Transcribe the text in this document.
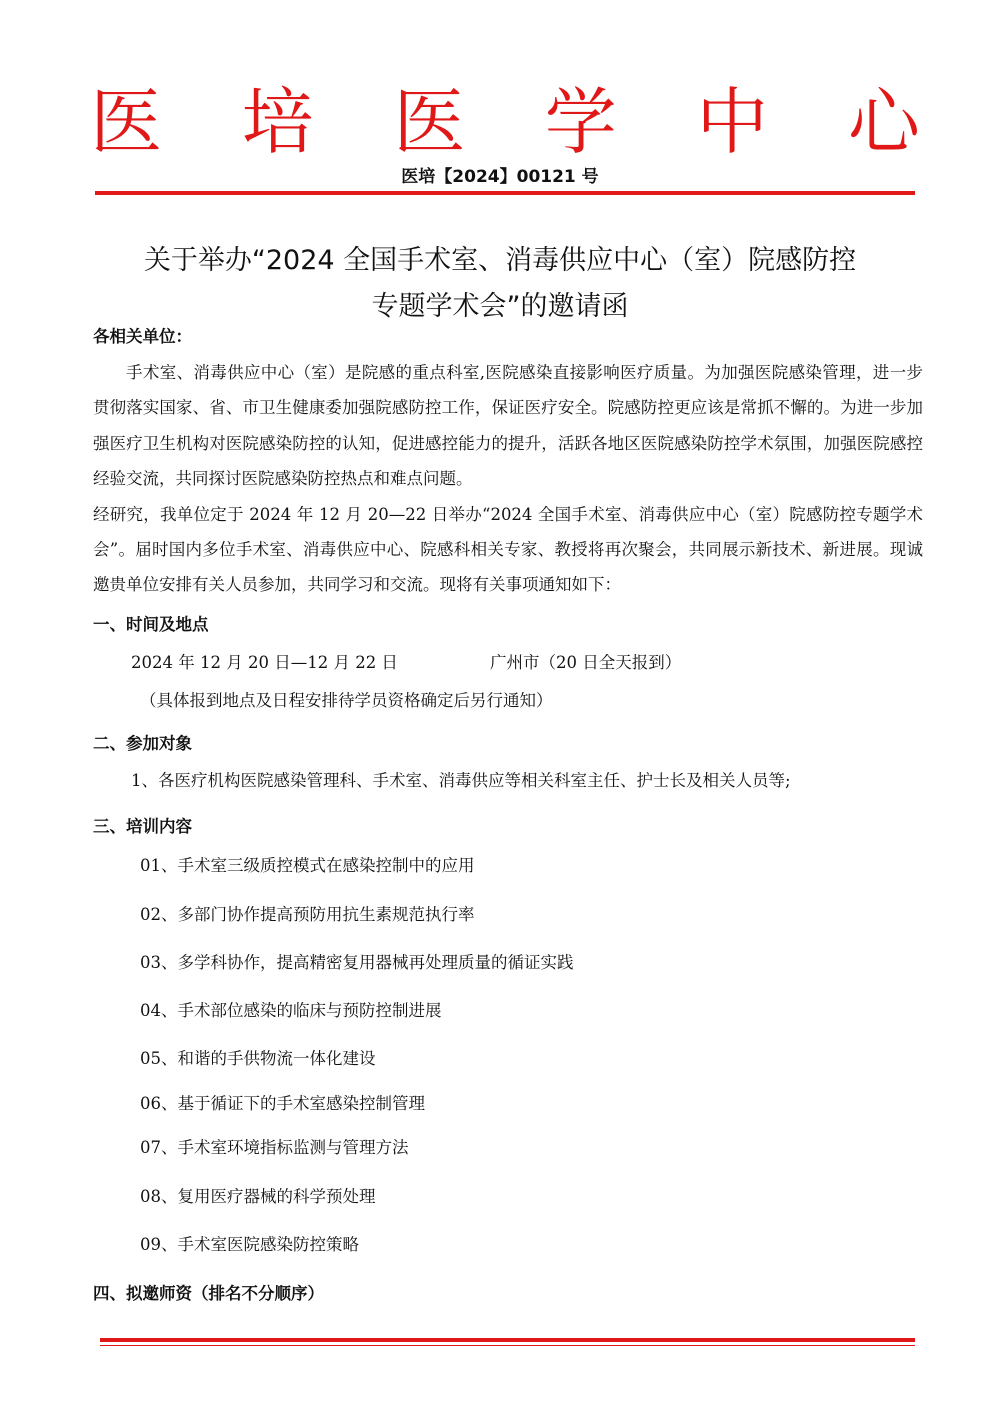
医 培 医 学 中 心
医培【2024】00121 号
关于举办“2024 全国手术室、消毒供应中心（室）院感防控
专题学术会”的邀请函
各相关单位：

手术室、消毒供应中心（室）是院感的重点科室,医院感染直接影响医疗质量。为加强医院感染管理，进一步贯彻落实国家、省、市卫生健康委加强院感防控工作，保证医疗安全。院感防控更应该是常抓不懈的。为进一步加强医疗卫生机构对医院感染防控的认知，促进感控能力的提升，活跃各地区医院感染防控学术氛围，加强医院感控经验交流，共同探讨医院感染防控热点和难点问题。

经研究，我单位定于 2024 年 12 月 20—22 日举办“2024 全国手术室、消毒供应中心（室）院感防控专题学术会”。届时国内多位手术室、消毒供应中心、院感科相关专家、教授将再次聚会，共同展示新技术、新进展。现诚邀贵单位安排有关人员参加，共同学习和交流。现将有关事项通知如下：

一、时间及地点
2024 年 12 月 20 日—12 月 22 日	广州市（20 日全天报到）
（具体报到地点及日程安排待学员资格确定后另行通知）
二、参加对象
1、各医疗机构医院感染管理科、手术室、消毒供应等相关科室主任、护士长及相关人员等;
三、培训内容
01、手术室三级质控模式在感染控制中的应用
02、多部门协作提高预防用抗生素规范执行率
03、多学科协作，提高精密复用器械再处理质量的循证实践
04、手术部位感染的临床与预防控制进展
05、和谐的手供物流一体化建设
06、基于循证下的手术室感染控制管理
07、手术室环境指标监测与管理方法
08、复用医疗器械的科学预处理
09、手术室医院感染防控策略
四、拟邀师资（排名不分顺序）
